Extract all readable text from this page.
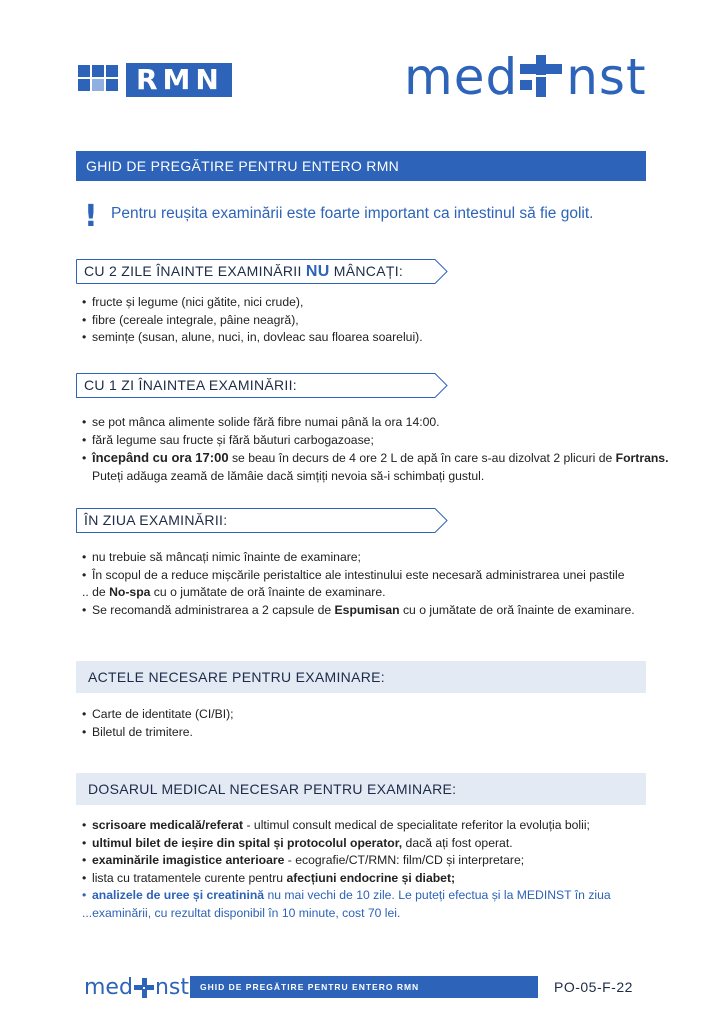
RMN	med nst
GHID DE PREGĂTIRE PENTRU ENTERO RMN
! Pentru reușita examinării este foarte important ca intestinul să fie golit.
CU 2 ZILE ÎNAINTE EXAMINĂRII NU MÂNCAȚI:
• fructe și legume (nici gătite, nici crude),
• fibre (cereale integrale, pâine neagră),
• semințe (susan, alune, nuci, in, dovleac sau floarea soarelui).
CU 1 ZI ÎNAINTEA EXAMINĂRII:
• se pot mânca alimente solide fără fibre numai până la ora 14:00.
• fără legume sau fructe și fără băuturi carbogazoase;
• începând cu ora 17:00 se beau în decurs de 4 ore 2 L de apă în care s-au dizolvat 2 plicuri de Fortrans.
Puteți adăuga zeamă de lămâie dacă simțiți nevoia să-i schimbați gustul.
ÎN ZIUA EXAMINĂRII:
• nu trebuie să mâncați nimic înainte de examinare;
• În scopul de a reduce mișcările peristaltice ale intestinului este necesară administrarea unei pastile
.. de No-spa cu o jumătate de oră înainte de examinare.
• Se recomandă administrarea a 2 capsule de Espumisan cu o jumătate de oră înainte de examinare.
ACTELE NECESARE PENTRU EXAMINARE:
• Carte de identitate (CI/BI);
• Biletul de trimitere.
DOSARUL MEDICAL NECESAR PENTRU EXAMINARE:
• scrisoare medicală/referat - ultimul consult medical de specialitate referitor la evoluția bolii;
• ultimul bilet de ieșire din spital și protocolul operator, dacă ați fost operat.
• examinările imagistice anterioare - ecografie/CT/RMN: film/CD și interpretare;
• lista cu tratamentele curente pentru afecțiuni endocrine și diabet;
• analizele de uree și creatinină nu mai vechi de 10 zile. Le puteți efectua și la MEDINST în ziua
...examinării, cu rezultat disponibil în 10 minute, cost 70 lei.
med nst	GHID DE PREGĂTIRE PENTRU ENTERO RMN	PO-05-F-22
